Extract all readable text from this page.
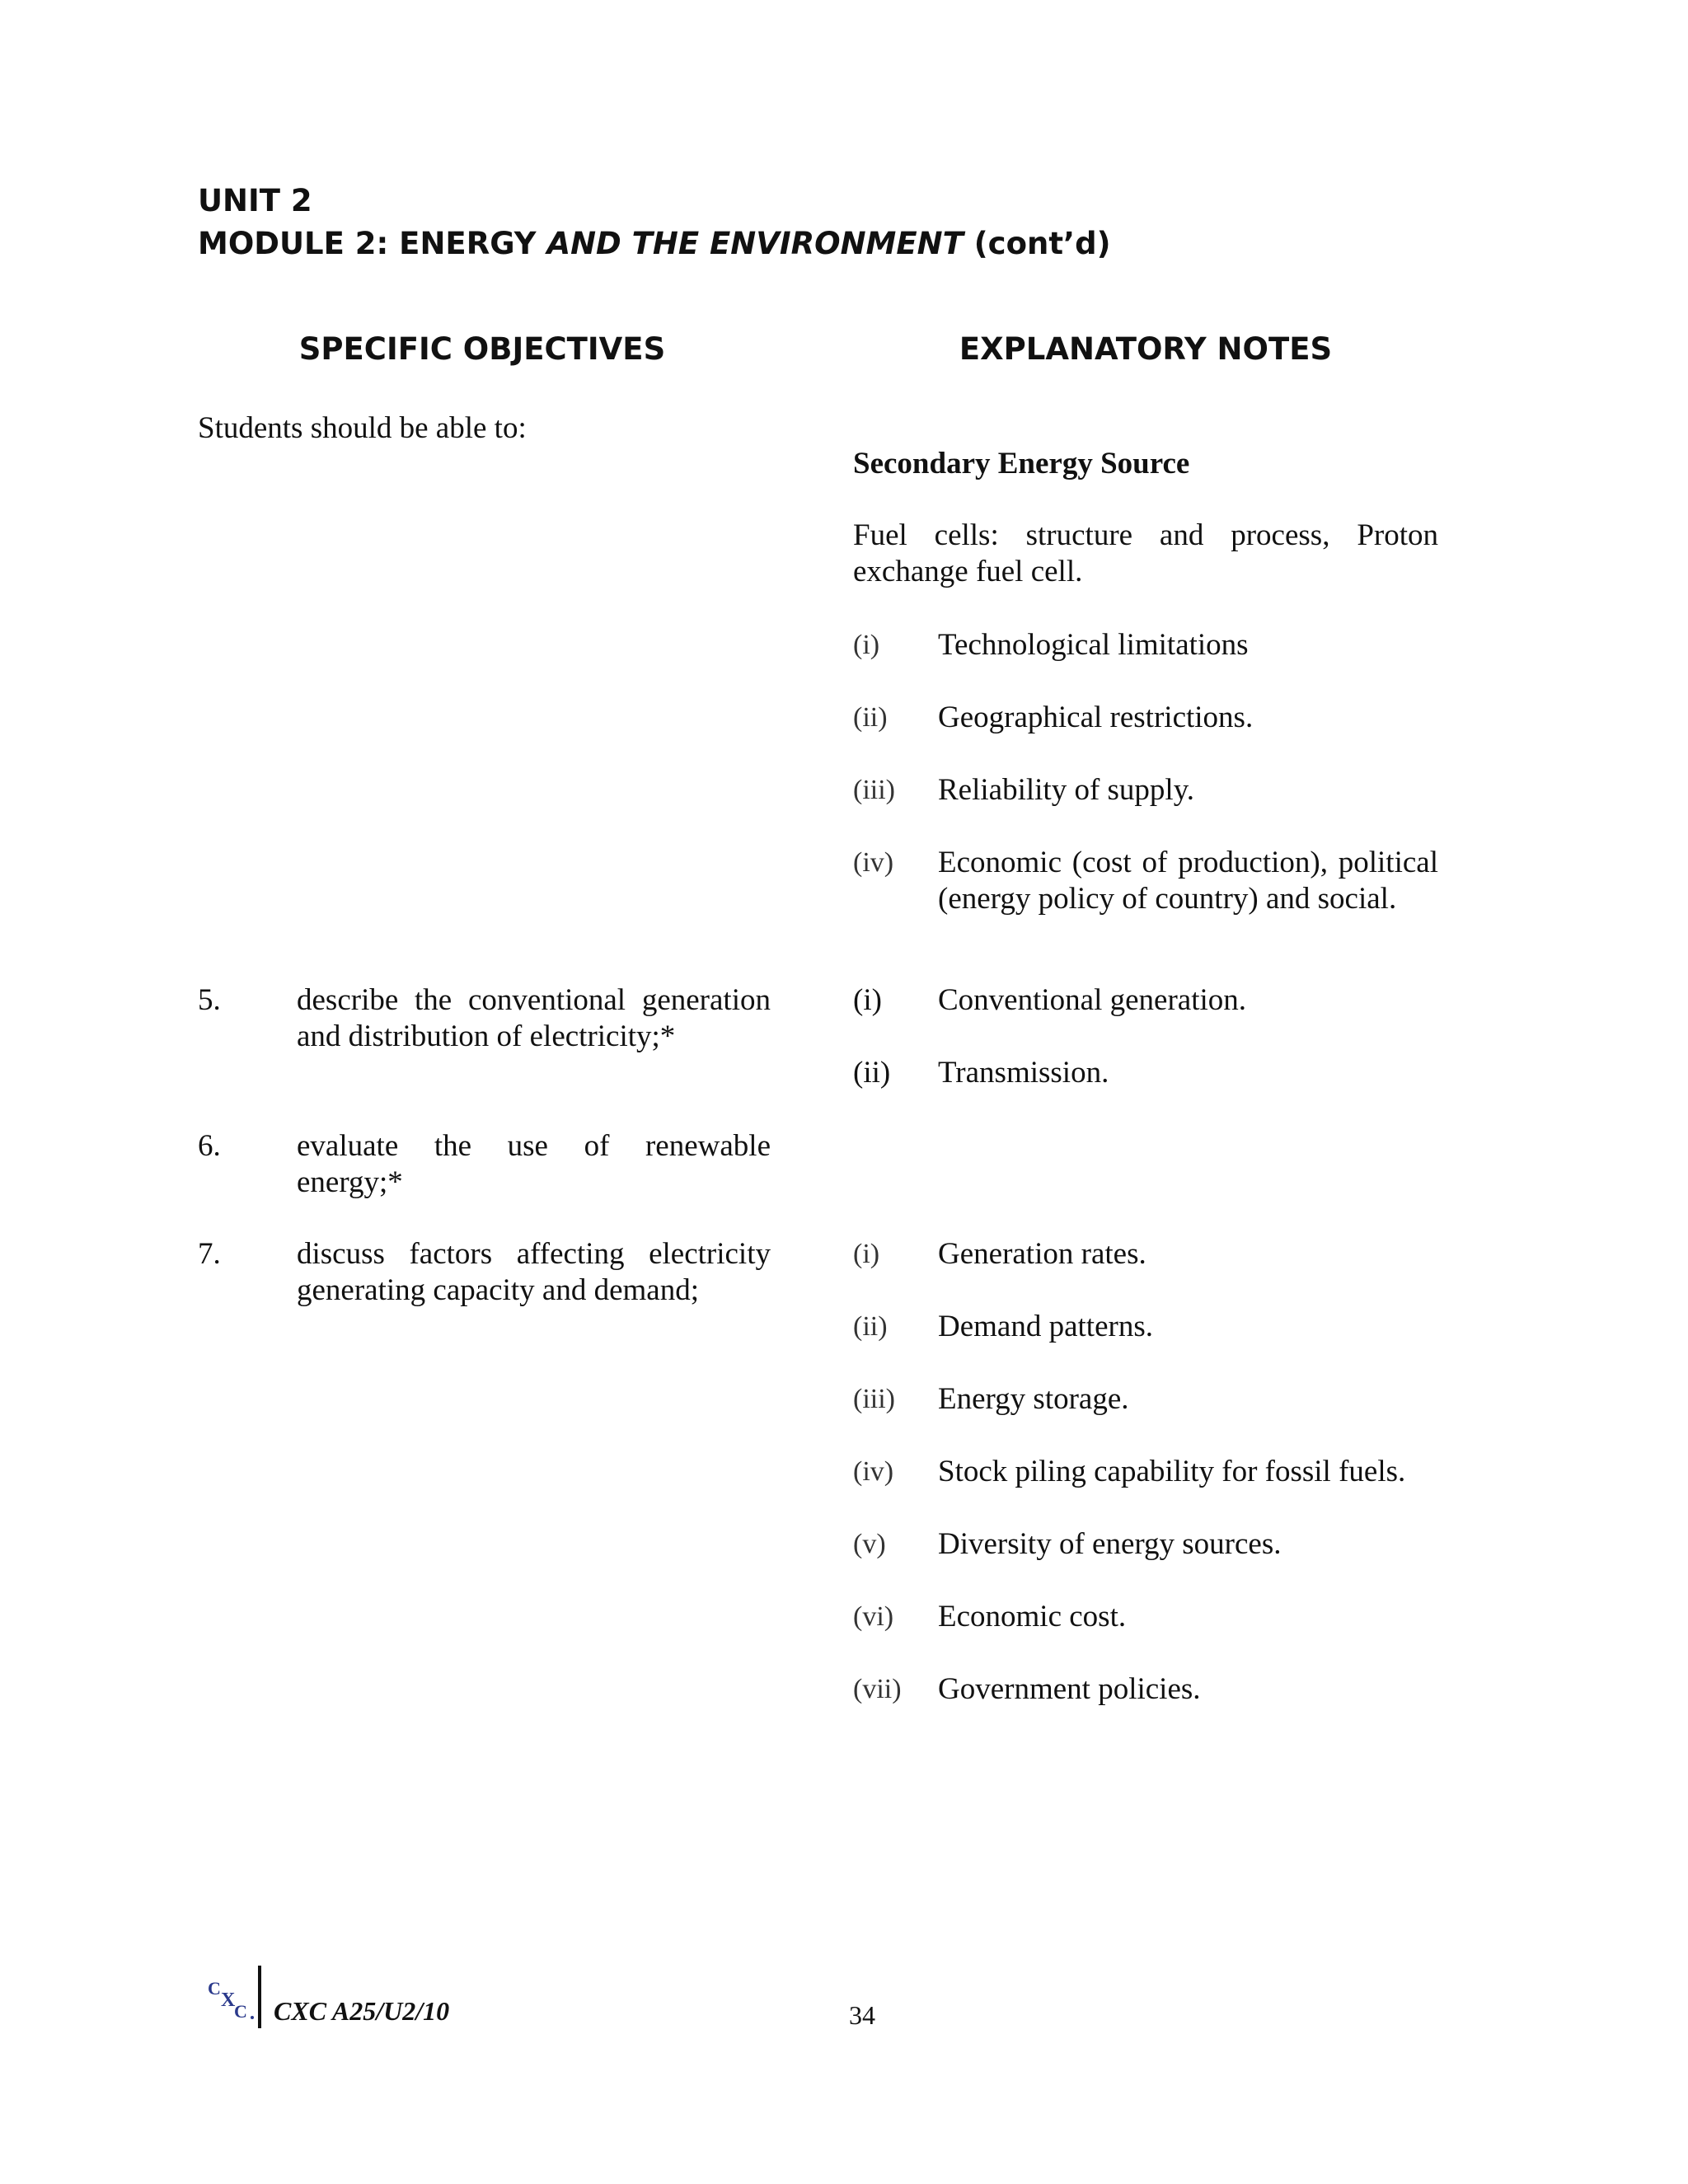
UNIT 2
MODULE 2: ENERGY AND THE ENVIRONMENT (cont’d)
SPECIFIC OBJECTIVES	EXPLANATORY NOTES
Students should be able to:
5. describe the conventional generation and distribution of electricity;*
6. evaluate the use of renewable energy;*
7. discuss factors affecting electricity generating capacity and demand;
Secondary Energy Source
Fuel cells: structure and process, Proton exchange fuel cell.
(i) Technological limitations
(ii) Geographical restrictions.
(iii) Reliability of supply.
(iv) Economic (cost of production), political (energy policy of country) and social.
(i) Conventional generation.
(ii) Transmission.
(i) Generation rates.
(ii) Demand patterns.
(iii) Energy storage.
(iv) Stock piling capability for fossil fuels.
(v) Diversity of energy sources.
(vi) Economic cost.
(vii) Government policies.
C
X
C CXC A25/U2/10	34
